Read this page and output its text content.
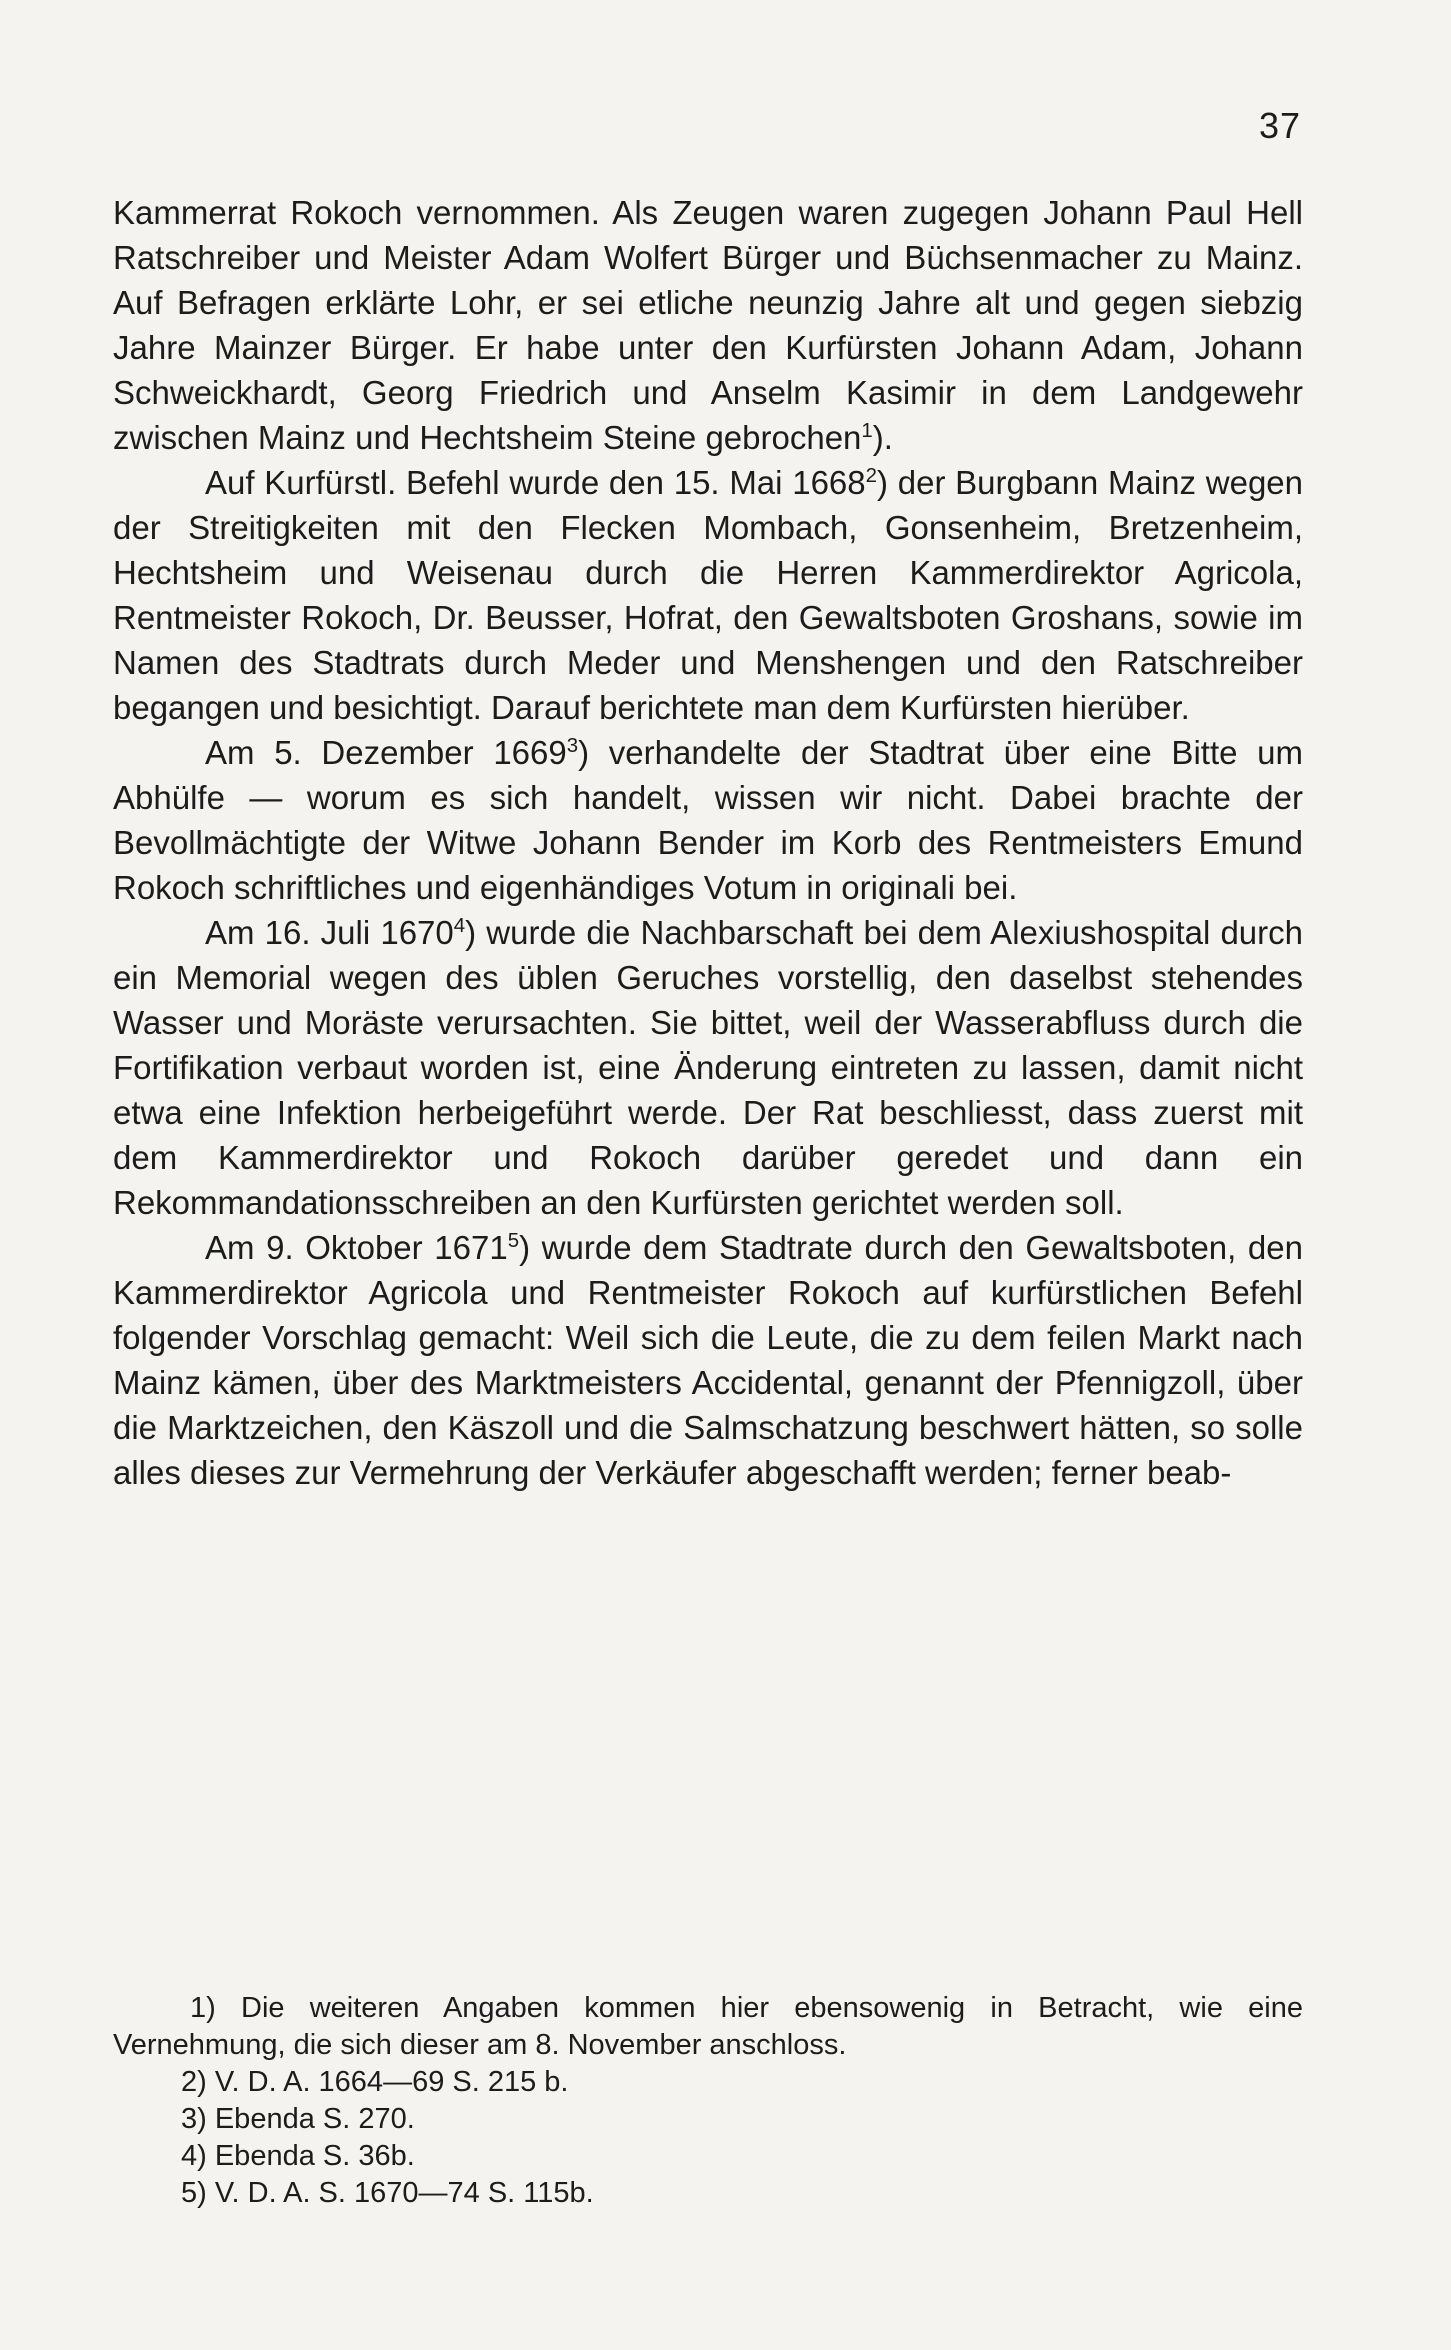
37

Kammerrat Rokoch vernommen. Als Zeugen waren zugegen Johann Paul Hell Ratschreiber und Meister Adam Wolfert Bürger und Büchsenmacher zu Mainz. Auf Befragen erklärte Lohr, er sei etliche neunzig Jahre alt und gegen siebzig Jahre Mainzer Bürger. Er habe unter den Kurfürsten Johann Adam, Johann Schweickhardt, Georg Friedrich und Anselm Kasimir in dem Landgewehr zwischen Mainz und Hechtsheim Steine gebrochen$^1$).

Auf Kurfürstl. Befehl wurde den 15. Mai 1668$^2$) der Burgbann Mainz wegen der Streitigkeiten mit den Flecken Mombach, Gonsenheim, Bretzenheim, Hechtsheim und Weisenau durch die Herren Kammerdirektor Agricola, Rentmeister Rokoch, Dr. Beusser, Hofrat, den Gewaltsboten Groshans, sowie im Namen des Stadtrats durch Meder und Menshengen und den Ratschreiber begangen und besichtigt. Darauf berichtete man dem Kurfürsten hierüber.

Am 5. Dezember 1669$^3$) verhandelte der Stadtrat über eine Bitte um Abhülfe — worum es sich handelt, wissen wir nicht. Dabei brachte der Bevollmächtigte der Witwe Johann Bender im Korb des Rentmeisters Emund Rokoch schriftliches und eigenhändiges Votum in originali bei.

Am 16. Juli 1670$^4$) wurde die Nachbarschaft bei dem Alexiushospital durch ein Memorial wegen des üblen Geruches vorstellig, den daselbst stehendes Wasser und Moräste verursachten. Sie bittet, weil der Wasserabfluss durch die Fortifikation verbaut worden ist, eine Änderung eintreten zu lassen, damit nicht etwa eine Infektion herbeigeführt werde. Der Rat beschliesst, dass zuerst mit dem Kammerdirektor und Rokoch darüber geredet und dann ein Rekommandationsschreiben an den Kurfürsten gerichtet werden soll.

Am 9. Oktober 1671$^5$) wurde dem Stadtrate durch den Gewaltsboten, den Kammerdirektor Agricola und Rentmeister Rokoch auf kurfürstlichen Befehl folgender Vorschlag gemacht: Weil sich die Leute, die zu dem feilen Markt nach Mainz kämen, über des Marktmeisters Accidental, genannt der Pfennigzoll, über die Marktzeichen, den Käszoll und die Salmschatzung beschwert hätten, so solle alles dieses zur Vermehrung der Verkäufer abgeschafft werden; ferner beab-

1) Die weiteren Angaben kommen hier ebensowenig in Betracht, wie eine Vernehmung, die sich dieser am 8. November anschloss.

2) V. D. A. 1664—69 S. 215 b.

3) Ebenda S. 270.

4) Ebenda S. 36b.

5) V. D. A. S. 1670—74 S. 115b.
